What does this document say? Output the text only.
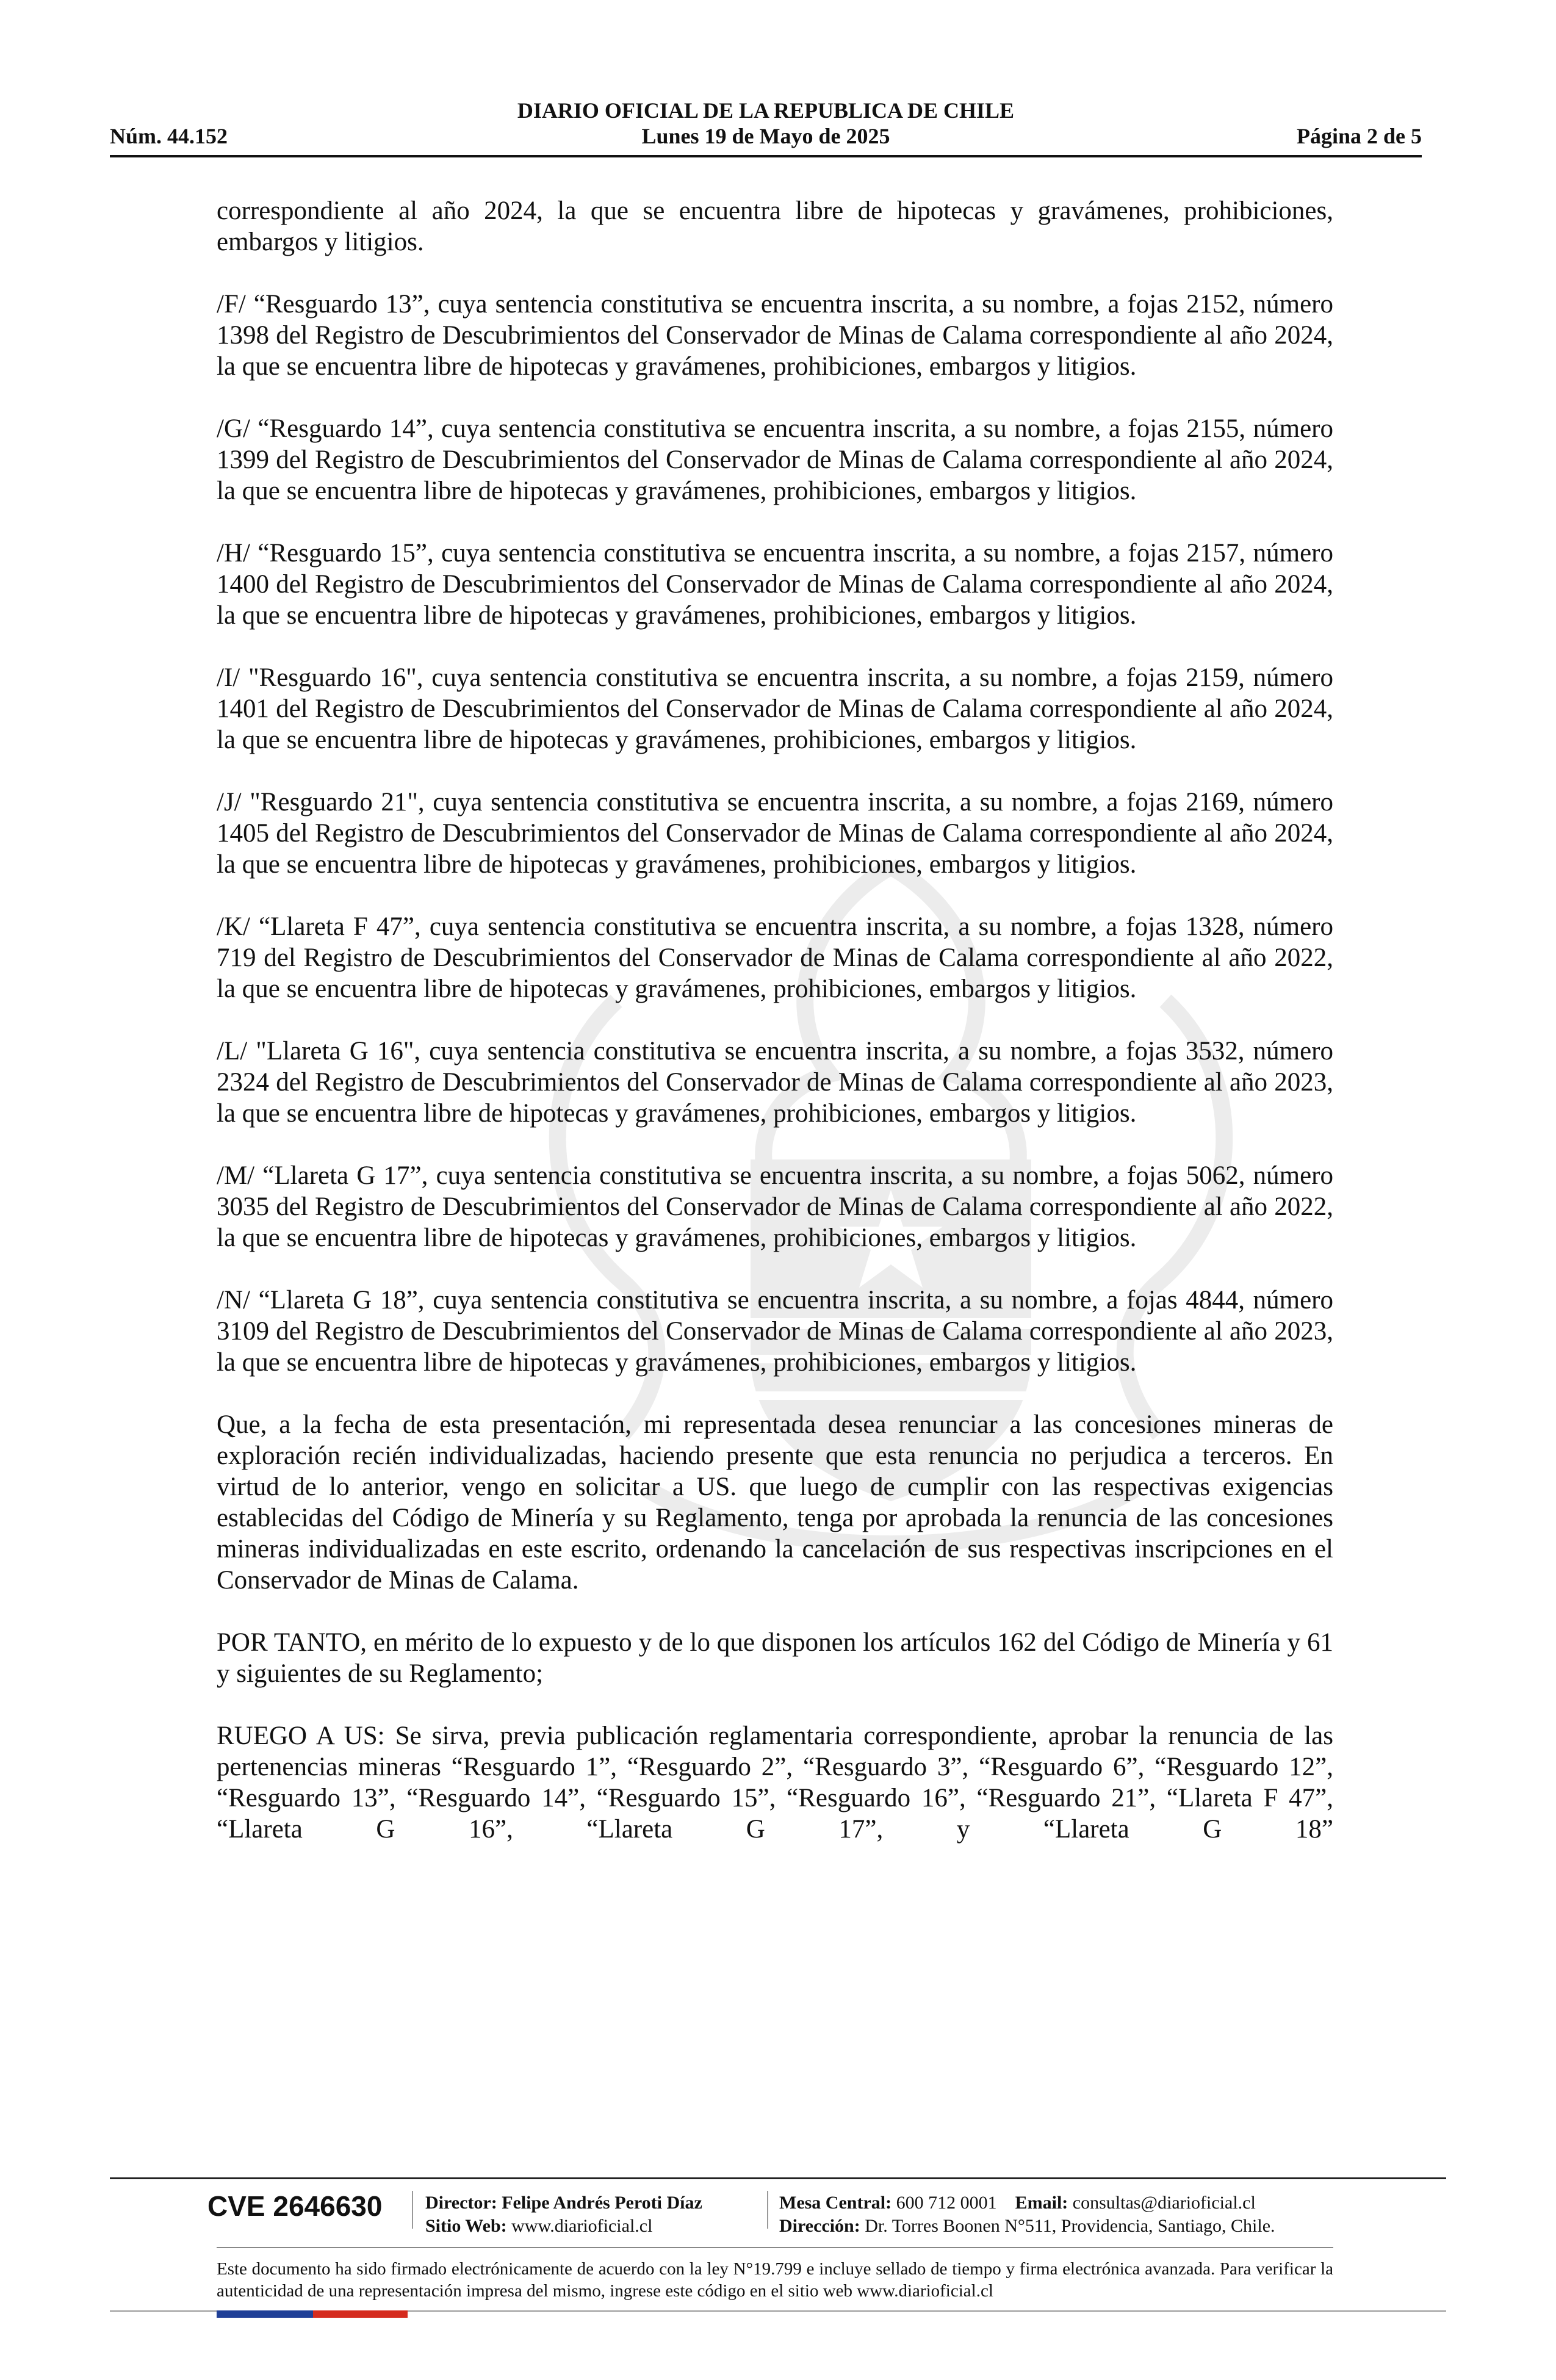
DIARIO OFICIAL DE LA REPUBLICA DE CHILE
Núm. 44.152	Lunes 19 de Mayo de 2025	Página 2 de 5

correspondiente al año 2024, la que se encuentra libre de hipotecas y gravámenes, prohibiciones, embargos y litigios.

/F/ “Resguardo 13”, cuya sentencia constitutiva se encuentra inscrita, a su nombre, a fojas 2152, número 1398 del Registro de Descubrimientos del Conservador de Minas de Calama correspondiente al año 2024, la que se encuentra libre de hipotecas y gravámenes, prohibiciones, embargos y litigios.

/G/ “Resguardo 14”, cuya sentencia constitutiva se encuentra inscrita, a su nombre, a fojas 2155, número 1399 del Registro de Descubrimientos del Conservador de Minas de Calama correspondiente al año 2024, la que se encuentra libre de hipotecas y gravámenes, prohibiciones, embargos y litigios.

/H/ “Resguardo 15”, cuya sentencia constitutiva se encuentra inscrita, a su nombre, a fojas 2157, número 1400 del Registro de Descubrimientos del Conservador de Minas de Calama correspondiente al año 2024, la que se encuentra libre de hipotecas y gravámenes, prohibiciones, embargos y litigios.

/I/ "Resguardo 16", cuya sentencia constitutiva se encuentra inscrita, a su nombre, a fojas 2159, número 1401 del Registro de Descubrimientos del Conservador de Minas de Calama correspondiente al año 2024, la que se encuentra libre de hipotecas y gravámenes, prohibiciones, embargos y litigios.

/J/ "Resguardo 21", cuya sentencia constitutiva se encuentra inscrita, a su nombre, a fojas 2169, número 1405 del Registro de Descubrimientos del Conservador de Minas de Calama correspondiente al año 2024, la que se encuentra libre de hipotecas y gravámenes, prohibiciones, embargos y litigios.

/K/ “Llareta F 47”, cuya sentencia constitutiva se encuentra inscrita, a su nombre, a fojas 1328, número 719 del Registro de Descubrimientos del Conservador de Minas de Calama correspondiente al año 2022, la que se encuentra libre de hipotecas y gravámenes, prohibiciones, embargos y litigios.

/L/ "Llareta G 16", cuya sentencia constitutiva se encuentra inscrita, a su nombre, a fojas 3532, número 2324 del Registro de Descubrimientos del Conservador de Minas de Calama correspondiente al año 2023, la que se encuentra libre de hipotecas y gravámenes, prohibiciones, embargos y litigios.

/M/ “Llareta G 17”, cuya sentencia constitutiva se encuentra inscrita, a su nombre, a fojas 5062, número 3035 del Registro de Descubrimientos del Conservador de Minas de Calama correspondiente al año 2022, la que se encuentra libre de hipotecas y gravámenes, prohibiciones, embargos y litigios.

/N/ “Llareta G 18”, cuya sentencia constitutiva se encuentra inscrita, a su nombre, a fojas 4844, número 3109 del Registro de Descubrimientos del Conservador de Minas de Calama correspondiente al año 2023, la que se encuentra libre de hipotecas y gravámenes, prohibiciones, embargos y litigios.

Que, a la fecha de esta presentación, mi representada desea renunciar a las concesiones mineras de exploración recién individualizadas, haciendo presente que esta renuncia no perjudica a terceros. En virtud de lo anterior, vengo en solicitar a US. que luego de cumplir con las respectivas exigencias establecidas del Código de Minería y su Reglamento, tenga por aprobada la renuncia de las concesiones mineras individualizadas en este escrito, ordenando la cancelación de sus respectivas inscripciones en el Conservador de Minas de Calama.

POR TANTO, en mérito de lo expuesto y de lo que disponen los artículos 162 del Código de Minería y 61 y siguientes de su Reglamento;

RUEGO A US: Se sirva, previa publicación reglamentaria correspondiente, aprobar la renuncia de las pertenencias mineras “Resguardo 1”, “Resguardo 2”, “Resguardo 3”, “Resguardo 6”, “Resguardo 12”, “Resguardo 13”, “Resguardo 14”, “Resguardo 15”, “Resguardo 16”, “Resguardo 21”, “Llareta F 47”, “Llareta G 16”, “Llareta G 17”, y “Llareta G 18”

CVE 2646630 Director: Felipe Andrés Peroti Díaz
Sitio Web: www.diarioficial.cl
Mesa Central: 600 712 0001 Email: consultas@diarioficial.cl
Dirección: Dr. Torres Boonen N°511, Providencia, Santiago, Chile.
Este documento ha sido firmado electrónicamente de acuerdo con la ley N°19.799 e incluye sellado de tiempo y firma electrónica avanzada. Para verificar la autenticidad de una representación impresa del mismo, ingrese este código en el sitio web www.diarioficial.cl
